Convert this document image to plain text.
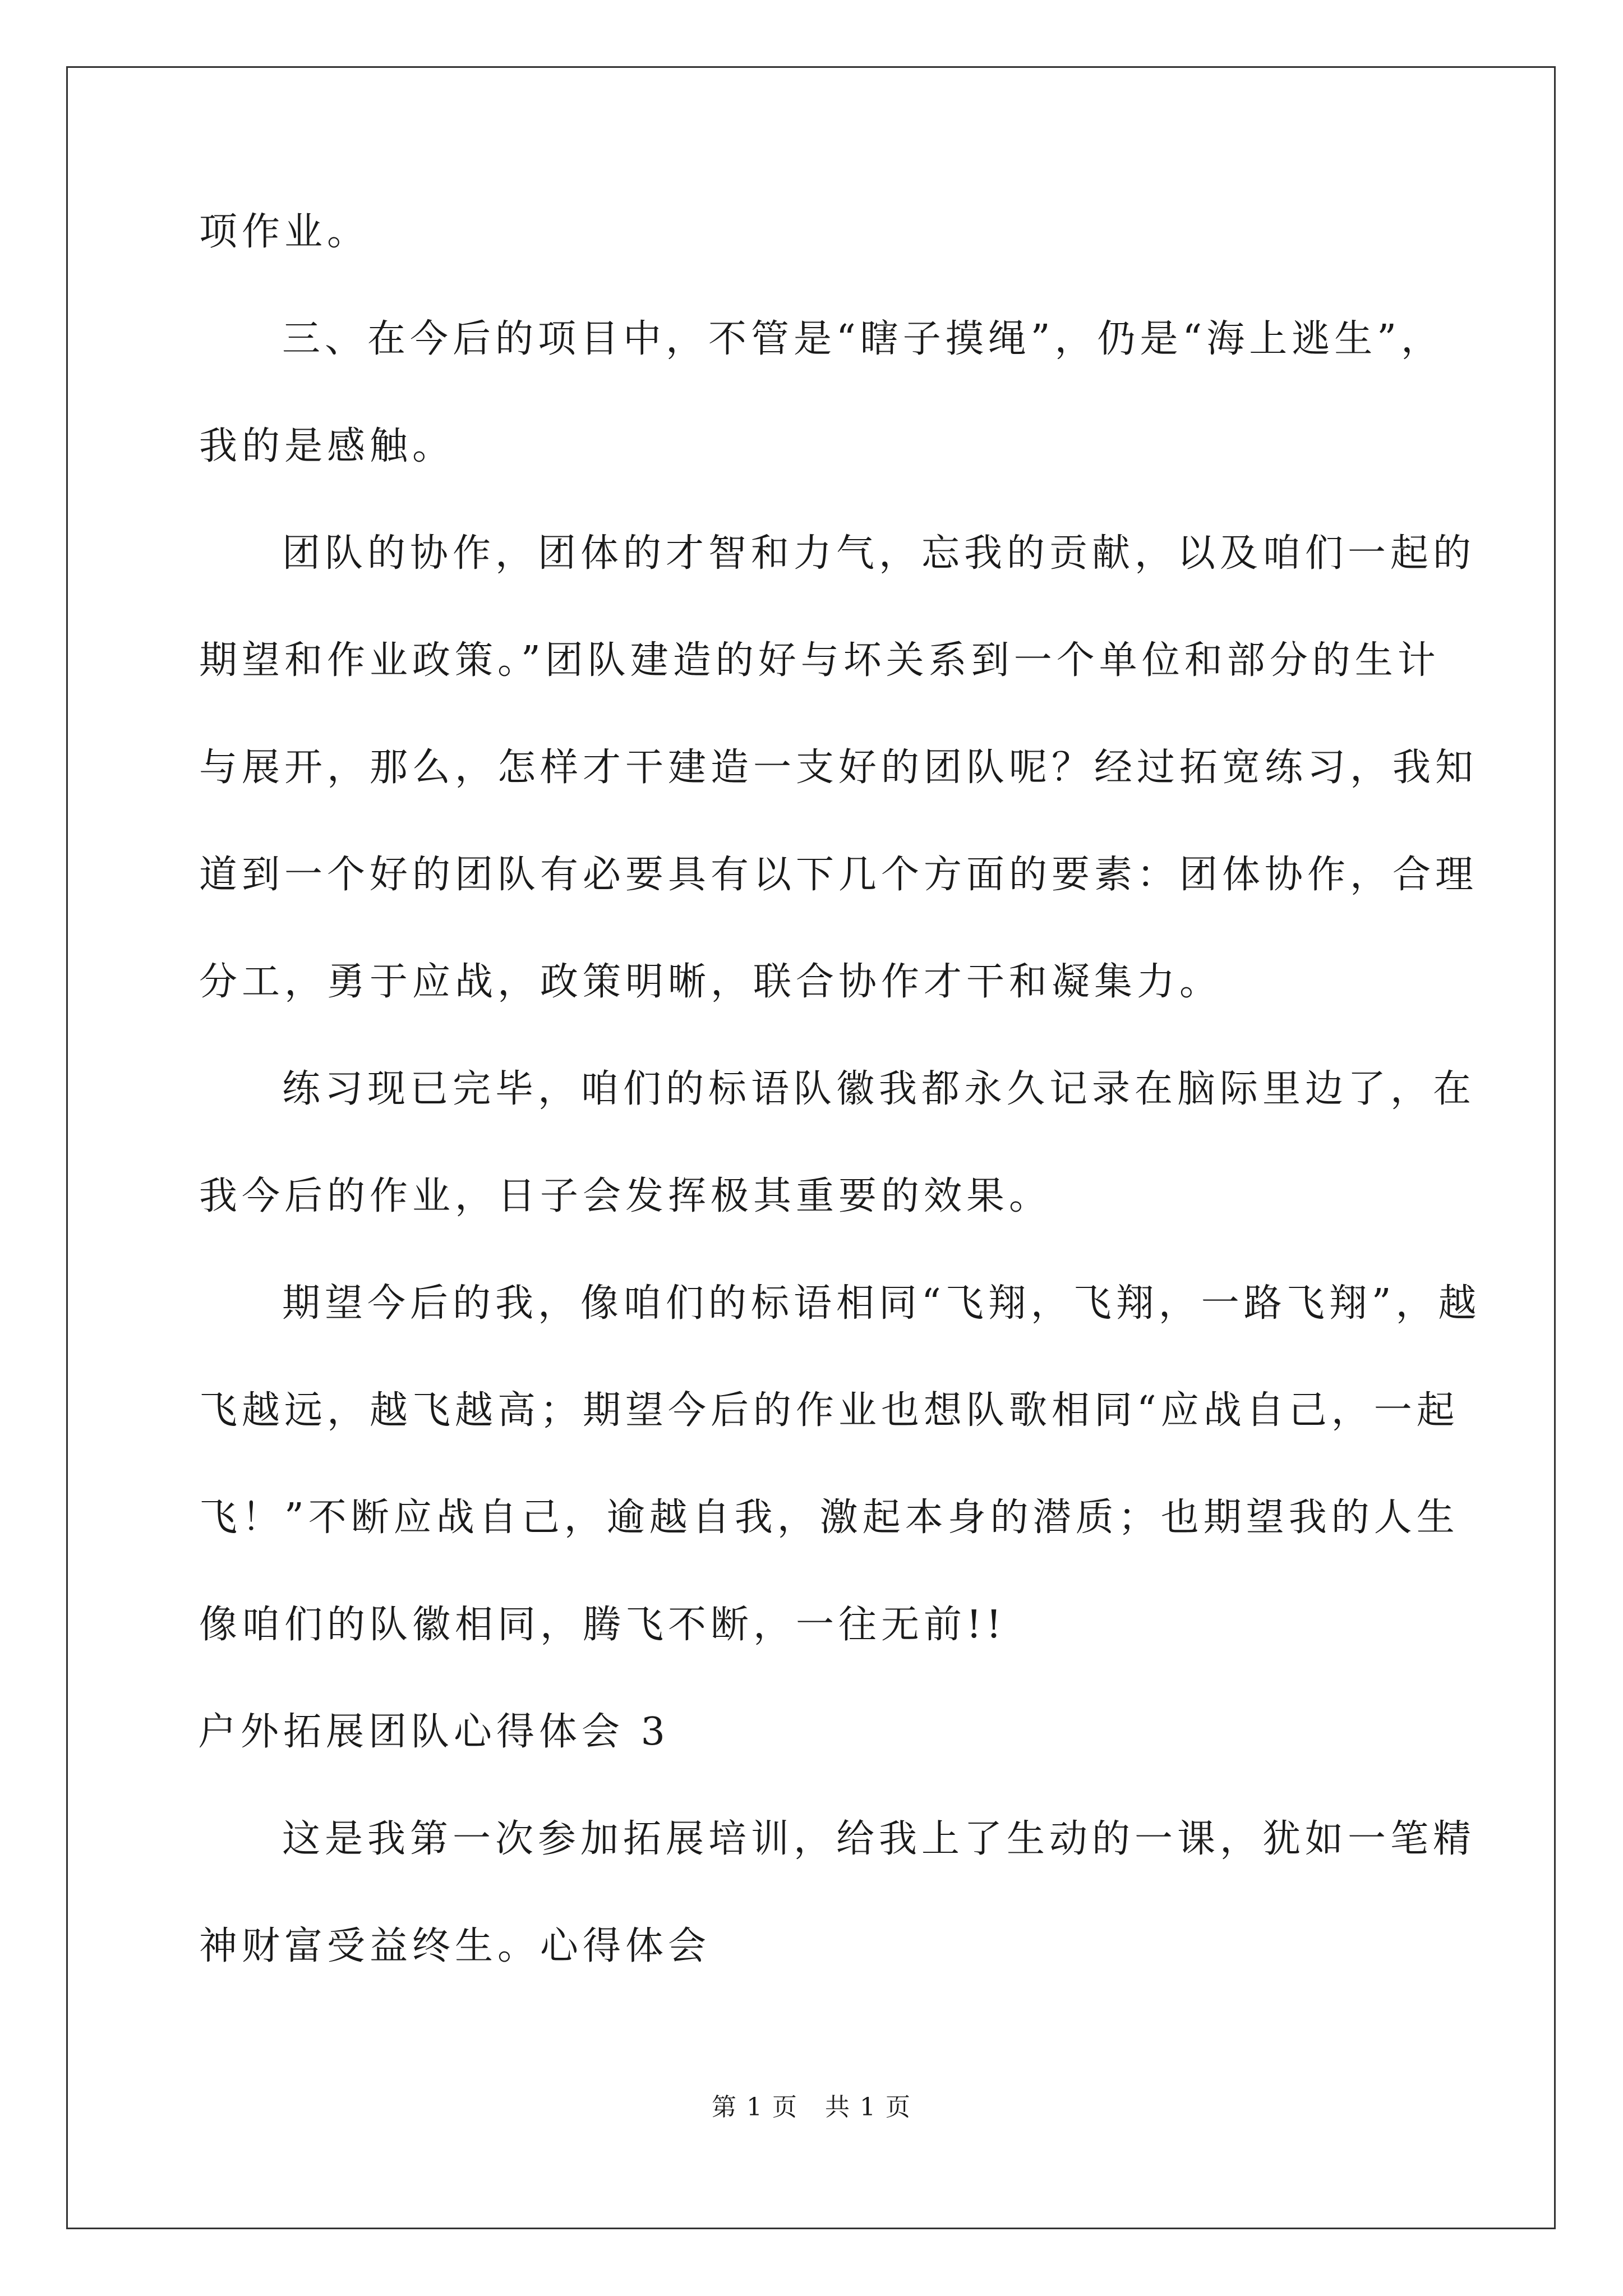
项作业。
三、在今后的项目中，不管是“瞎子摸绳”，仍是“海上逃生”，
我的是感触。
团队的协作，团体的才智和力气，忘我的贡献，以及咱们一起的
期望和作业政策。”团队建造的好与坏关系到一个单位和部分的生计
与展开，那么，怎样才干建造一支好的团队呢？经过拓宽练习，我知
道到一个好的团队有必要具有以下几个方面的要素：团体协作，合理
分工，勇于应战，政策明晰，联合协作才干和凝集力。
练习现已完毕，咱们的标语队徽我都永久记录在脑际里边了，在
我今后的作业，日子会发挥极其重要的效果。
期望今后的我，像咱们的标语相同“飞翔，飞翔，一路飞翔”，越
飞越远，越飞越高；期望今后的作业也想队歌相同“应战自己，一起
飞！”不断应战自己，逾越自我，激起本身的潜质；也期望我的人生
像咱们的队徽相同，腾飞不断，一往无前!!
户外拓展团队心得体会 3
这是我第一次参加拓展培训，给我上了生动的一课，犹如一笔精
神财富受益终生。心得体会
第 1 页   共 1 页
